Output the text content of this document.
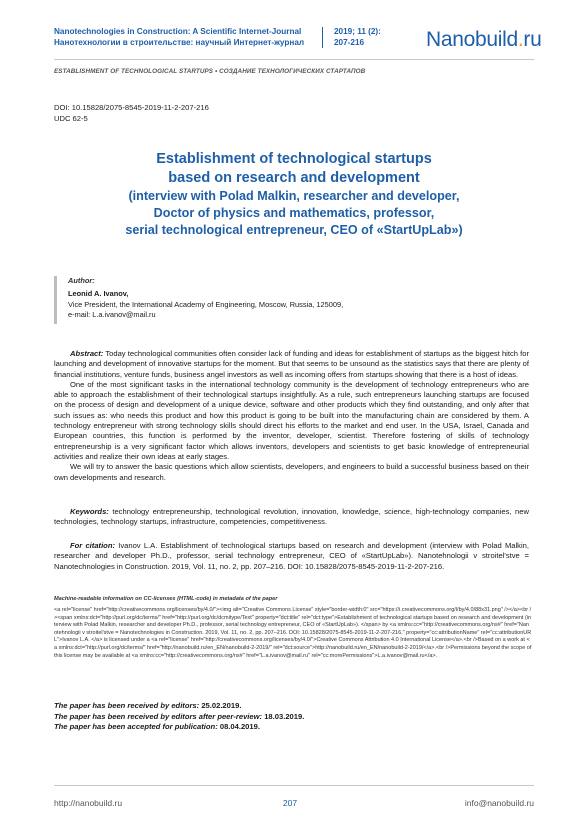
Nanotechnologies in Construction: A Scientific Internet-Journal
Нанотехнологии в строительстве: научный Интернет-журнал
2019; 11 (2):
207-216	Nanobuild.ru
ESTABLISHMENT OF TECHNOLOGICAL STARTUPS • СОЗДАНИЕ ТЕХНОЛОГИЧЕСКИХ СТАРТАПОВ
DOI: 10.15828/2075-8545-2019-11-2-207-216
UDC 62-5
Establishment of technological startups
based on research and development
(interview with Polad Malkin, researcher and developer,
Doctor of physics and mathematics, professor,
serial technological entrepreneur, CEO of «StartUpLab»)
Author:
Leonid A. Ivanov,
Vice President, the International Academy of Engineering, Moscow, Russia, 125009,
e-mail: L.a.ivanov@mail.ru

Abstract: Today technological communities often consider lack of funding and ideas for establishment of startups as the biggest hitch for launching and development of innovative startups for the moment. But that seems to be unsound as the statistics says that there are plenty of financial institutions, venture funds, business angel investors as well as incoming offers from startups showing that there is a host of ideas.

One of the most significant tasks in the international technology community is the development of technology entrepreneurs who are able to approach the establishment of their technological startups insightfully. As a rule, such entrepreneurs launching startups are focused on the process of design and development of a unique device, software and other products which they find outstanding, and only after that such issues as: who needs this product and how this product is going to be built into the manufacturing chain are considered by them. A technology entrepreneur with strong technology skills should direct his efforts to the market and end user. In the USA, Israel, Canada and European countries, this function is performed by the inventor, developer, scientist. Therefore fostering of skills of technology entrepreneurship is a very significant factor which allows inventors, developers and scientists to get basic knowledge of entrepreneurial activities and realize their own ideas at early stages.

We will try to answer the basic questions which allow scientists, developers, and engineers to build a successful business based on their own developments and research.

Keywords: technology entrepreneurship, technological revolution, innovation, knowledge, science, high-technology companies, new technologies, technology startups, infrastructure, competencies, competitiveness.
For citation: Ivanov L.A. Establishment of technological startups based on research and development (interview with Polad Malkin, researcher and developer Ph.D., professor, serial technology entrepreneur, CEO of «StartUpLab»). Nanotehnologii v stroitel'stve = Nanotechnologies in Construction. 2019, Vol. 11, no. 2, pp. 207–216. DOI: 10.15828/2075-8545-2019-11-2-207-216.
Machine-readable information on CC-licenses (HTML-code) in metadata of the paper
<a rel="license" href="http://creativecommons.org/licenses/by/4.0/"><img alt="Creative Commons License" style="border-width:0" src="https://i.creativecommons.org/l/by/4.0/88x31.png" /></a><br /><span xmlns:dct="http://purl.org/dc/terms/" href="http://purl.org/dc/dcmitype/Text" property="dct:title" rel="dct:type">Establishment of technological startups based on research and development (interview with Polad Malkin, researcher and developer Ph.D., professor, serial technology entrepreneur, CEO of «StartUpLab»). </span> by <a xmlns:cc="http://creativecommons.org/ns#" href="Nanotehnologii v stroitel'stve = Nanotechnologies in Construction. 2019, Vol. 11, no. 2, pp. 207–216. DOI: 10.15828/2075-8545-2019-11-2-207-216." property="cc:attributionName" rel="cc:attributionURL">Ivanov L.A. </a> is licensed under a <a rel="license" href="http://creativecommons.org/licenses/by/4.0/">Creative Commons Attribution 4.0 International License</a>.<br />Based on a work at <a xmlns:dct="http://purl.org/dc/terms/" href="http://nanobuild.ru/en_EN/nanobuild-2-2019/" rel="dct:source">http://nanobuild.ru/en_EN/nanobuild-2-2019/</a>.<br />Permissions beyond the scope of this license may be available at <a xmlns:cc="http://creativecommons.org/ns#" href="L.a.ivanov@mail.ru" rel="cc:morePermissions">L.a.ivanov@mail.ru</a>.
The paper has been received by editors: 25.02.2019.
The paper has been received by editors after peer-review: 18.03.2019.
The paper has been accepted for publication: 08.04.2019.
http://nanobuild.ru	207	info@nanobuild.ru
